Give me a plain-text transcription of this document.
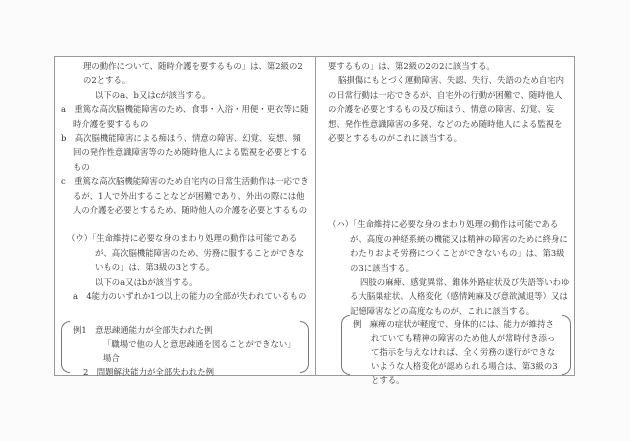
理の動作について、随時介護を要するもの」は、第2級の2の2とする。

以下のa、b又はcが該当する。

a　重篤な高次脳機能障害のため、食事・入浴・用便・更衣等に随時介護を要するもの

b　高次脳機能障害による痴ほう、情意の障害、幻覚、妄想、頻回の発作性意識障害等のため随時他人による監視を必要とするもの

c　重篤な高次脳機能障害のため自宅内の日常生活動作は一応できるが、1人で外出することなどが困難であり、外出の際には他人の介護を必要とするため、随時他人の介護を必要とするもの

（ウ）「生命維持に必要な身のまわり処理の動作は可能であるが、高次脳機能障害のため、労務に服することができないもの」は、第3級の3とする。

以下のa又はbが該当する。

a　4能力のいずれか1つ以上の能力の全部が失われているもの

例1　意思疎通能力が全部失われた例
「職場で他の人と意思疎通を図ることができない」場合
2　問題解決能力が全部失われた例

要するもの」は、第2級の2の2に該当する。

脳損傷にもとづく運動障害、失認、失行、失語のため自宅内の日常行動は一応できるが、自宅外の行動が困難で、随時他人の介護を必要とするもの及び痴ほう、情意の障害、幻覚、妄想、発作性意識障害の多発、などのため随時他人による監視を必要とするものがこれに該当する。

（ハ）「生命維持に必要な身のまわり処理の動作は可能であるが、高度の神経系統の機能又は精神の障害のために終身にわたりおよそ労務につくことができないもの」は、第3級の3に該当する。

四肢の麻痺、感覚異常、錐体外路症状及び失語等いわゆる大脳巣症状、人格変化（感情鈍麻及び意欲減退等）又は記憶障害などの高度なものが、これに該当する。

例　麻痺の症状が軽度で、身体的には、能力が維持されていても精神の障害のため他人が常時付き添って指示を与えなければ、全く労務の遂行ができないような人格変化が認められる場合は、第3級の3とする。
